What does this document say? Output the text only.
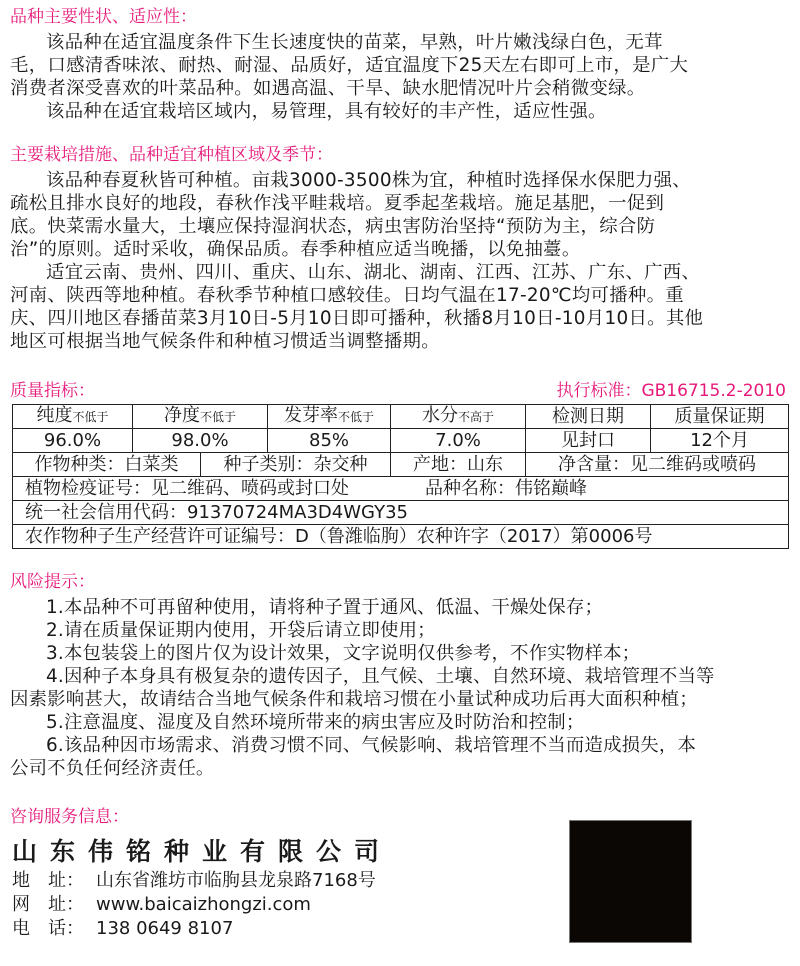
品种主要性状、适应性：
该品种在适宜温度条件下生长速度快的苗菜，早熟，叶片嫩浅绿白色，无茸
毛，口感清香味浓、耐热、耐湿、品质好，适宜温度下25天左右即可上市，是广大
消费者深受喜欢的叶菜品种。如遇高温、干旱、缺水肥情况叶片会稍微变绿。
该品种在适宜栽培区域内，易管理，具有较好的丰产性，适应性强。
主要栽培措施、品种适宜种植区域及季节：
该品种春夏秋皆可种植。亩栽3000-3500株为宜，种植时选择保水保肥力强、
疏松且排水良好的地段，春秋作浅平畦栽培。夏季起垄栽培。施足基肥，一促到
底。快菜需水量大，土壤应保持湿润状态，病虫害防治坚持“预防为主，综合防
治”的原则。适时采收，确保品质。春季种植应适当晚播，以免抽薹。
适宜云南、贵州、四川、重庆、山东、湖北、湖南、江西、江苏、广东、广西、
河南、陕西等地种植。春秋季节种植口感较佳。日均气温在17-20℃均可播种。重
庆、四川地区春播苗菜3月10日-5月10日即可播种，秋播8月10日-10月10日。其他
地区可根据当地气候条件和种植习惯适当调整播期。
质量指标：	执行标准：GB16715.2-2010
纯度不低于	净度不低于		发芽率不低于	水分不高于	检测日期	质量保证期
96.0%	98.0%		85%	7.0%	见封口	12个月
作物种类：白菜类		种子类别：杂交种		产地：山东	净含量：见二维码或喷码	
植物检疫证号：见二维码、喷码或封口处 品种名称：伟铭巅峰						
统一社会信用代码：91370724MA3D4WGY35						
农作物种子生产经营许可证编号：D（鲁潍临朐）农种许字（2017）第0006号						
风险提示：
1.本品种不可再留种使用，请将种子置于通风、低温、干燥处保存；
2.请在质量保证期内使用，开袋后请立即使用；
3.本包装袋上的图片仅为设计效果，文字说明仅供参考，不作实物样本；
4.因种子本身具有极复杂的遗传因子，且气候、土壤、自然环境、栽培管理不当等
因素影响甚大，故请结合当地气候条件和栽培习惯在小量试种成功后再大面积种植；
5.注意温度、湿度及自然环境所带来的病虫害应及时防治和控制；
6.该品种因市场需求、消费习惯不同、气候影响、栽培管理不当而造成损失，本
公司不负任何经济责任。
咨询服务信息：
山东伟铭种业有限公司
地　址： 山东省潍坊市临朐县龙泉路7168号
网　址： www.baicaizhongzi.com
电　话： 138 0649 8107
